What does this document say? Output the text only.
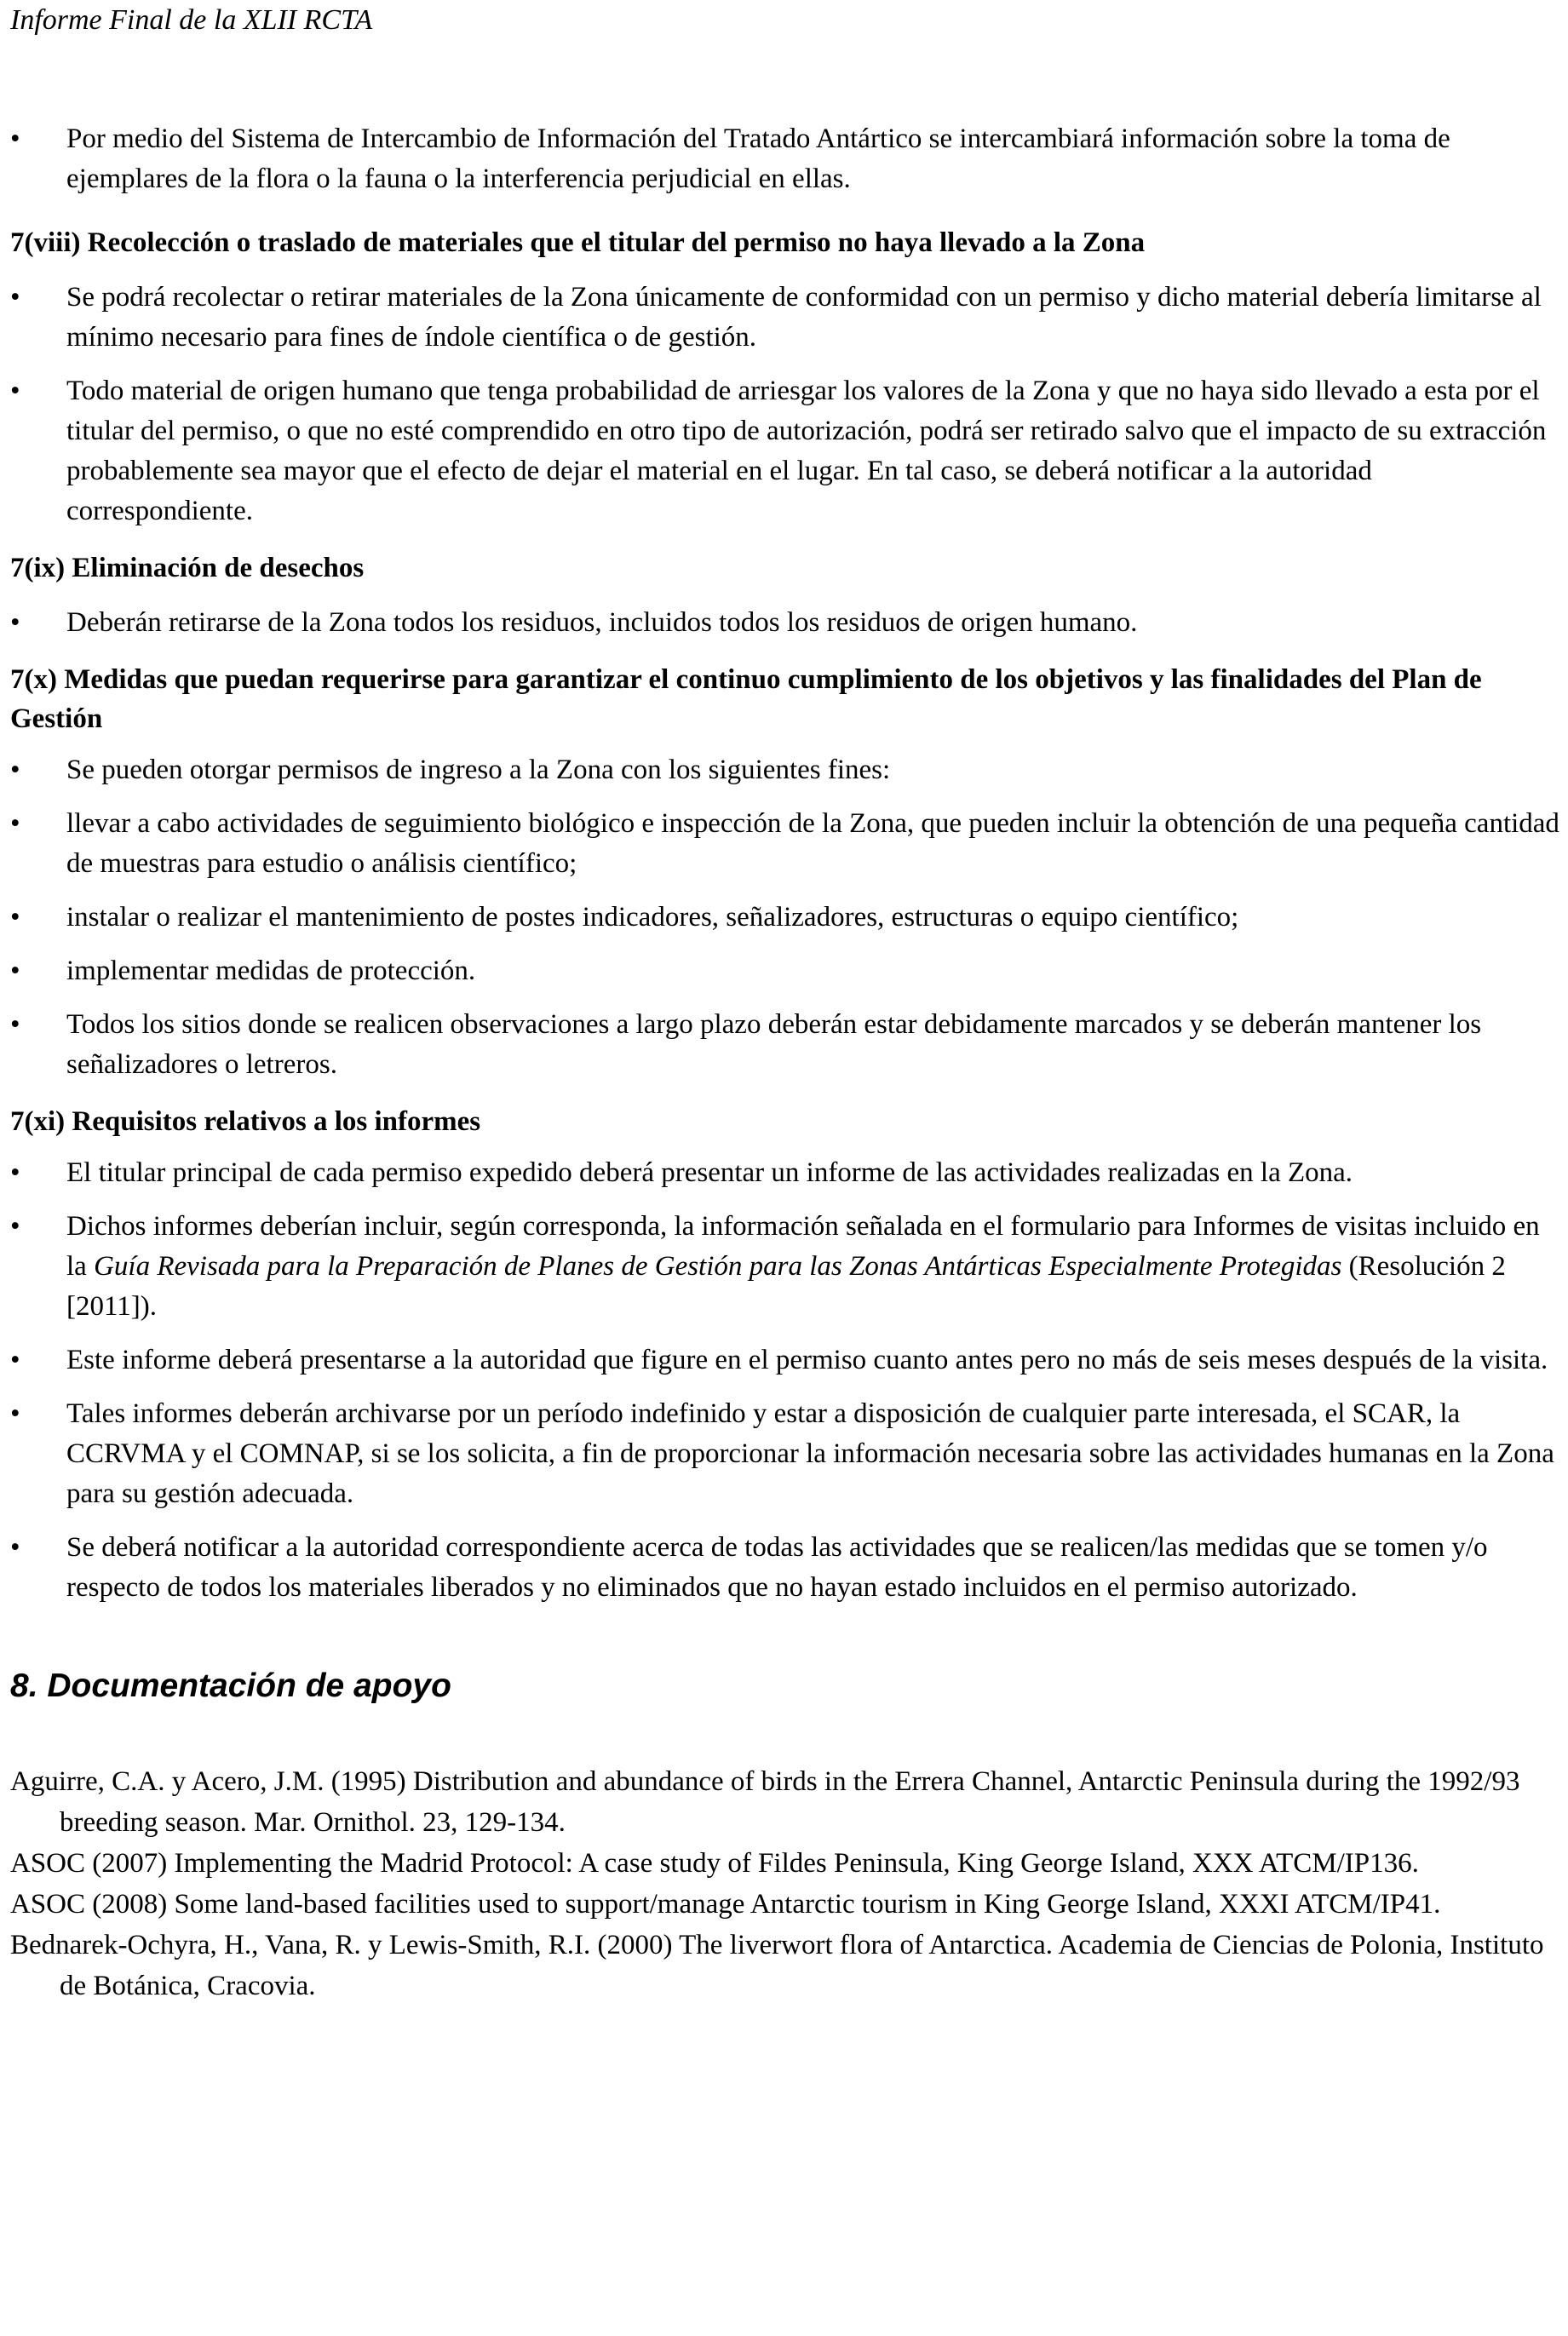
Informe Final de la XLII RCTA
• Por medio del Sistema de Intercambio de Información del Tratado Antártico se intercambiará información sobre la toma de ejemplares de la flora o la fauna o la interferencia perjudicial en ellas.
7(viii) Recolección o traslado de materiales que el titular del permiso no haya llevado a la Zona
• Se podrá recolectar o retirar materiales de la Zona únicamente de conformidad con un permiso y dicho material debería limitarse al mínimo necesario para fines de índole científica o de gestión.
• Todo material de origen humano que tenga probabilidad de arriesgar los valores de la Zona y que no haya sido llevado a esta por el titular del permiso, o que no esté comprendido en otro tipo de autorización, podrá ser retirado salvo que el impacto de su extracción probablemente sea mayor que el efecto de dejar el material en el lugar. En tal caso, se deberá notificar a la autoridad correspondiente.
7(ix) Eliminación de desechos
• Deberán retirarse de la Zona todos los residuos, incluidos todos los residuos de origen humano.
7(x) Medidas que puedan requerirse para garantizar el continuo cumplimiento de los objetivos y las finalidades del Plan de Gestión
• Se pueden otorgar permisos de ingreso a la Zona con los siguientes fines:
• llevar a cabo actividades de seguimiento biológico e inspección de la Zona, que pueden incluir la obtención de una pequeña cantidad de muestras para estudio o análisis científico;
• instalar o realizar el mantenimiento de postes indicadores, señalizadores, estructuras o equipo científico;
• implementar medidas de protección.
• Todos los sitios donde se realicen observaciones a largo plazo deberán estar debidamente marcados y se deberán mantener los señalizadores o letreros.
7(xi) Requisitos relativos a los informes
• El titular principal de cada permiso expedido deberá presentar un informe de las actividades realizadas en la Zona.
• Dichos informes deberían incluir, según corresponda, la información señalada en el formulario para Informes de visitas incluido en la Guía Revisada para la Preparación de Planes de Gestión para las Zonas Antárticas Especialmente Protegidas (Resolución 2 [2011]).
• Este informe deberá presentarse a la autoridad que figure en el permiso cuanto antes pero no más de seis meses después de la visita.
• Tales informes deberán archivarse por un período indefinido y estar a disposición de cualquier parte interesada, el SCAR, la CCRVMA y el COMNAP, si se los solicita, a fin de proporcionar la información necesaria sobre las actividades humanas en la Zona para su gestión adecuada.
• Se deberá notificar a la autoridad correspondiente acerca de todas las actividades que se realicen/las medidas que se tomen y/o respecto de todos los materiales liberados y no eliminados que no hayan estado incluidos en el permiso autorizado.
8. Documentación de apoyo

Aguirre, C.A. y Acero, J.M. (1995) Distribution and abundance of birds in the Errera Channel, Antarctic Peninsula during the 1992/93 breeding season. Mar. Ornithol. 23, 129-134.

ASOC (2007) Implementing the Madrid Protocol: A case study of Fildes Peninsula, King George Island, XXX ATCM/IP136.

ASOC (2008) Some land-based facilities used to support/manage Antarctic tourism in King George Island, XXXI ATCM/IP41.

Bednarek-Ochyra, H., Vana, R. y Lewis-Smith, R.I. (2000) The liverwort flora of Antarctica. Academia de Ciencias de Polonia, Instituto de Botánica, Cracovia.
